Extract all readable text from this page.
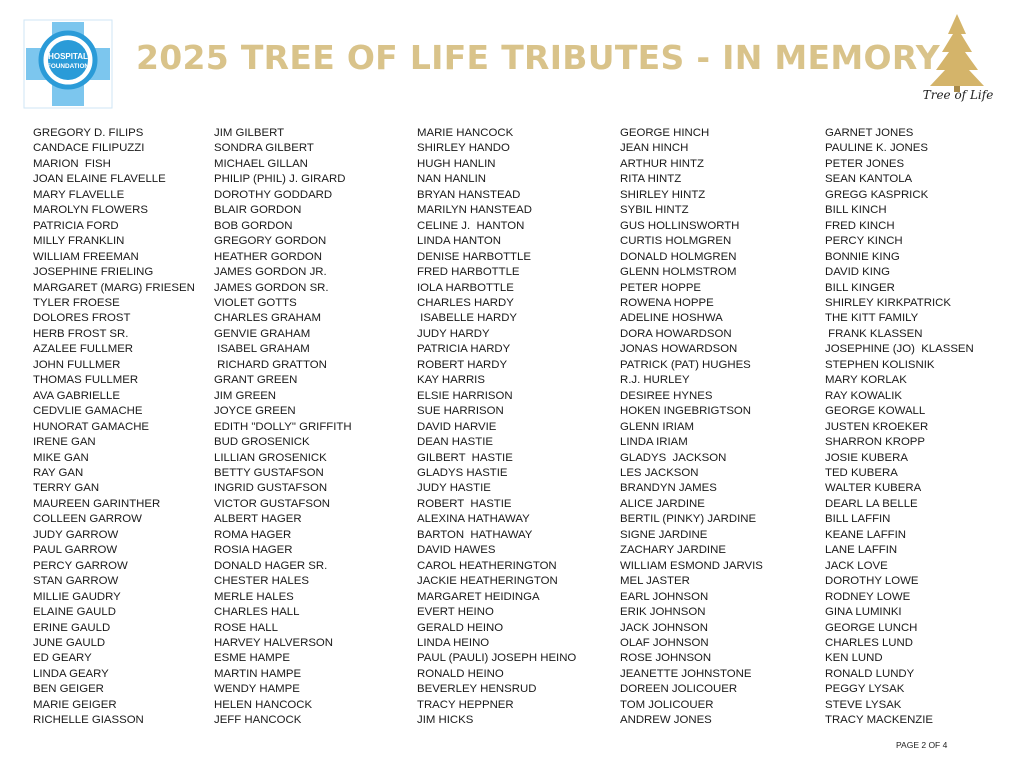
HOSPITAL
FOUNDATION 2025 TREE OF LIFE TRIBUTES - IN MEMORY
Tree of Life
GREGORY D. FILIPS
CANDACE FILIPUZZI
MARION  FISH
JOAN ELAINE FLAVELLE
MARY FLAVELLE
MAROLYN FLOWERS
PATRICIA FORD
MILLY FRANKLIN
WILLIAM FREEMAN
JOSEPHINE FRIELING
MARGARET (MARG) FRIESEN
TYLER FROESE
DOLORES FROST
HERB FROST SR.
AZALEE FULLMER
JOHN FULLMER
THOMAS FULLMER
AVA GABRIELLE
CEDVLIE GAMACHE
HUNORAT GAMACHE
IRENE GAN
MIKE GAN
RAY GAN
TERRY GAN
MAUREEN GARINTHER
COLLEEN GARROW
JUDY GARROW
PAUL GARROW
PERCY GARROW
STAN GARROW
MILLIE GAUDRY
ELAINE GAULD
ERINE GAULD
JUNE GAULD
ED GEARY
LINDA GEARY
BEN GEIGER
MARIE GEIGER
RICHELLE GIASSON
JIM GILBERT
SONDRA GILBERT
MICHAEL GILLAN
PHILIP (PHIL) J. GIRARD
DOROTHY GODDARD
BLAIR GORDON
BOB GORDON
GREGORY GORDON
HEATHER GORDON
JAMES GORDON JR.
JAMES GORDON SR.
VIOLET GOTTS
CHARLES GRAHAM
GENVIE GRAHAM
ISABEL GRAHAM
RICHARD GRATTON
GRANT GREEN
JIM GREEN
JOYCE GREEN
EDITH "DOLLY" GRIFFITH
BUD GROSENICK
LILLIAN GROSENICK
BETTY GUSTAFSON
INGRID GUSTAFSON
VICTOR GUSTAFSON
ALBERT HAGER
ROMA HAGER
ROSIA HAGER
DONALD HAGER SR.
CHESTER HALES
MERLE HALES
CHARLES HALL
ROSE HALL
HARVEY HALVERSON
ESME HAMPE
MARTIN HAMPE
WENDY HAMPE
HELEN HANCOCK
JEFF HANCOCK
MARIE HANCOCK
SHIRLEY HANDO
HUGH HANLIN
NAN HANLIN
BRYAN HANSTEAD
MARILYN HANSTEAD
CELINE J.  HANTON
LINDA HANTON
DENISE HARBOTTLE
FRED HARBOTTLE
IOLA HARBOTTLE
CHARLES HARDY
ISABELLE HARDY
JUDY HARDY
PATRICIA HARDY
ROBERT HARDY
KAY HARRIS
ELSIE HARRISON
SUE HARRISON
DAVID HARVIE
DEAN HASTIE
GILBERT  HASTIE
GLADYS HASTIE
JUDY HASTIE
ROBERT  HASTIE
ALEXINA HATHAWAY
BARTON  HATHAWAY
DAVID HAWES
CAROL HEATHERINGTON
JACKIE HEATHERINGTON
MARGARET HEIDINGA
EVERT HEINO
GERALD HEINO
LINDA HEINO
PAUL (PAULI) JOSEPH HEINO
RONALD HEINO
BEVERLEY HENSRUD
TRACY HEPPNER
JIM HICKS
GEORGE HINCH
JEAN HINCH
ARTHUR HINTZ
RITA HINTZ
SHIRLEY HINTZ
SYBIL HINTZ
GUS HOLLINSWORTH
CURTIS HOLMGREN
DONALD HOLMGREN
GLENN HOLMSTROM
PETER HOPPE
ROWENA HOPPE
ADELINE HOSHWA
DORA HOWARDSON
JONAS HOWARDSON
PATRICK (PAT) HUGHES
R.J. HURLEY
DESIREE HYNES
HOKEN INGEBRIGTSON
GLENN IRIAM
LINDA IRIAM
GLADYS  JACKSON
LES JACKSON
BRANDYN JAMES
ALICE JARDINE
BERTIL (PINKY) JARDINE
SIGNE JARDINE
ZACHARY JARDINE
WILLIAM ESMOND JARVIS
MEL JASTER
EARL JOHNSON
ERIK JOHNSON
JACK JOHNSON
OLAF JOHNSON
ROSE JOHNSON
JEANETTE JOHNSTONE
DOREEN JOLICOUER
TOM JOLICOUER
ANDREW JONES
GARNET JONES
PAULINE K. JONES
PETER JONES
SEAN KANTOLA
GREGG KASPRICK
BILL KINCH
FRED KINCH
PERCY KINCH
BONNIE KING
DAVID KING
BILL KINGER
SHIRLEY KIRKPATRICK
THE KITT FAMILY
FRANK KLASSEN
JOSEPHINE (JO)  KLASSEN
STEPHEN KOLISNIK
MARY KORLAK
RAY KOWALIK
GEORGE KOWALL
JUSTEN KROEKER
SHARRON KROPP
JOSIE KUBERA
TED KUBERA
WALTER KUBERA
DEARL LA BELLE
BILL LAFFIN
KEANE LAFFIN
LANE LAFFIN
JACK LOVE
DOROTHY LOWE
RODNEY LOWE
GINA LUMINKI
GEORGE LUNCH
CHARLES LUND
KEN LUND
RONALD LUNDY
PEGGY LYSAK
STEVE LYSAK
TRACY MACKENZIE
PAGE 2 OF 4
